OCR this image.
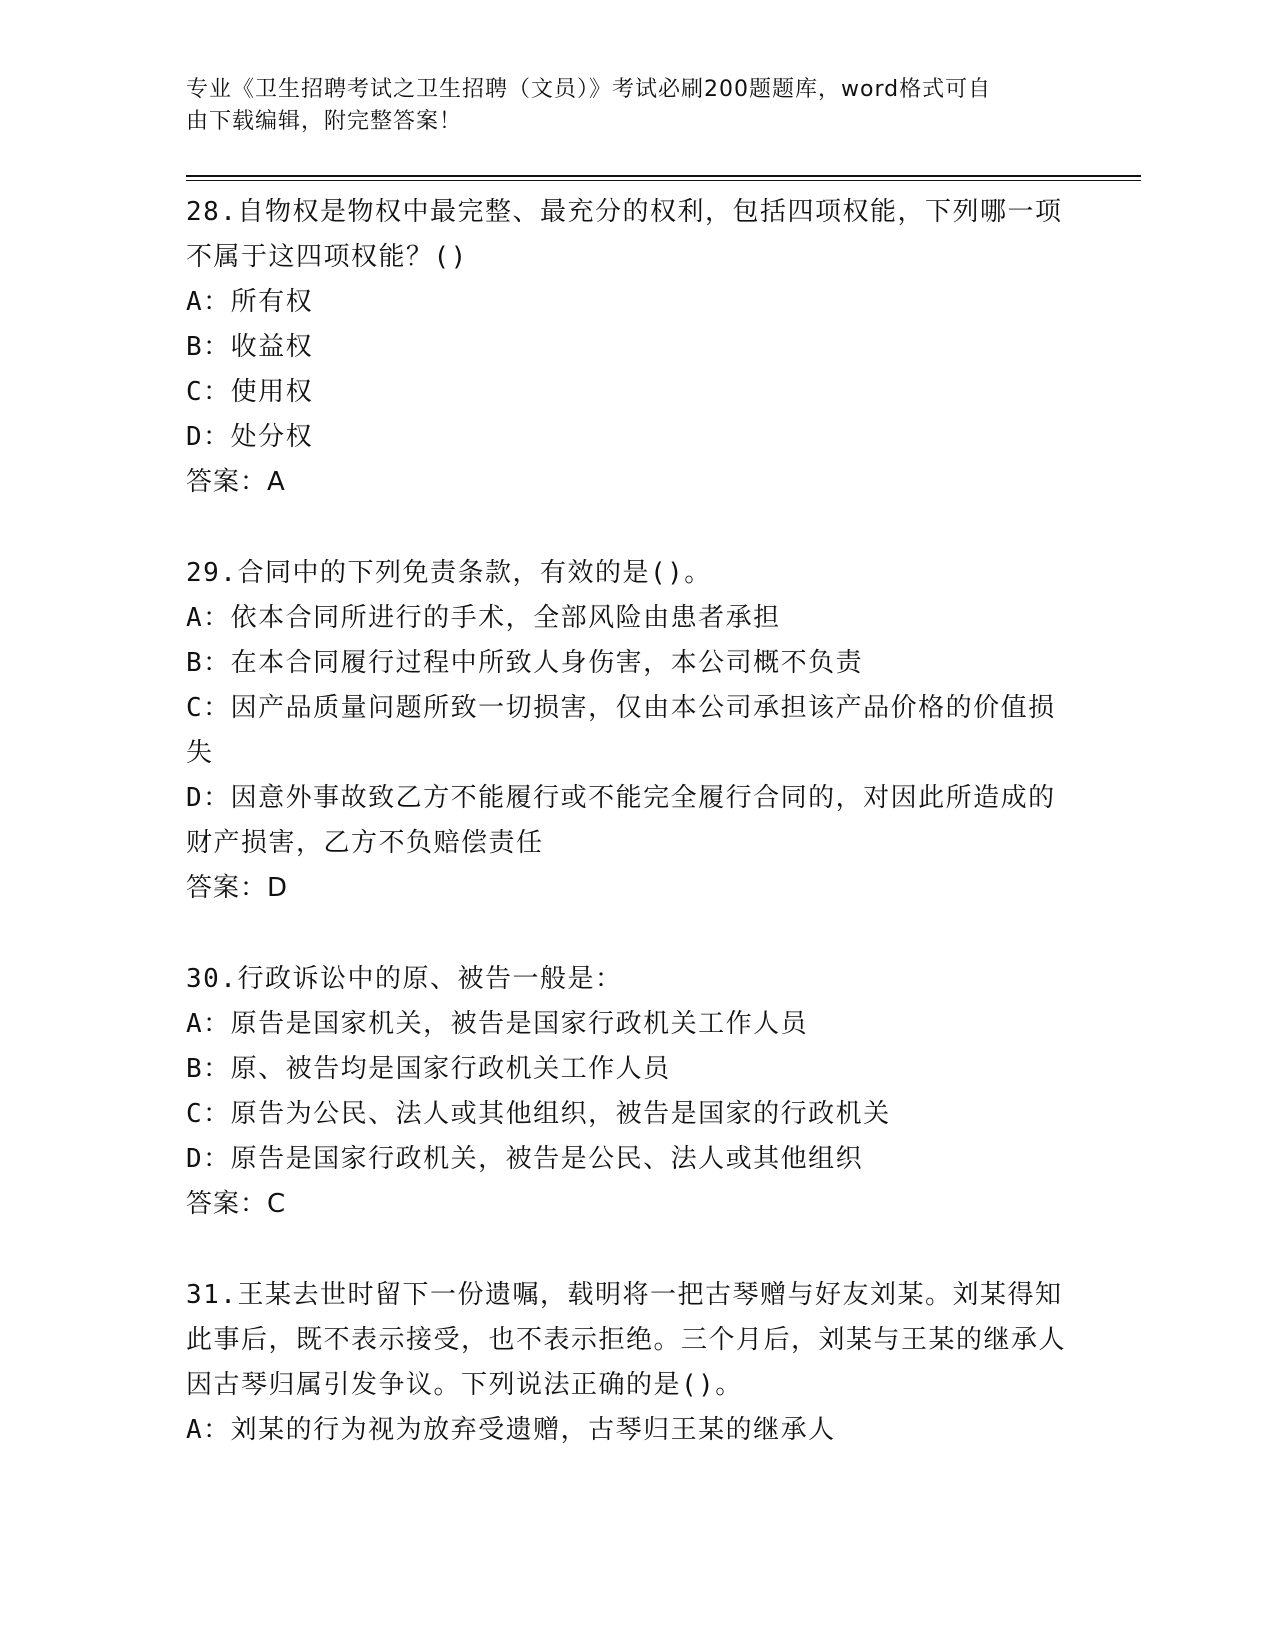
专业《卫生招聘考试之卫生招聘（文员）》考试必刷200题题库，word格式可自
由下载编辑，附完整答案！

28.自物权是物权中最完整、最充分的权利，包括四项权能，下列哪一项不属于这四项权能？()

A：所有权

B：收益权

C：使用权

D：处分权

答案：A

29.合同中的下列免责条款，有效的是()。

A：依本合同所进行的手术，全部风险由患者承担

B：在本合同履行过程中所致人身伤害，本公司概不负责

C：因产品质量问题所致一切损害，仅由本公司承担该产品价格的价值损失

D：因意外事故致乙方不能履行或不能完全履行合同的，对因此所造成的财产损害，乙方不负赔偿责任

答案：D

30.行政诉讼中的原、被告一般是：

A：原告是国家机关，被告是国家行政机关工作人员

B：原、被告均是国家行政机关工作人员

C：原告为公民、法人或其他组织，被告是国家的行政机关

D：原告是国家行政机关，被告是公民、法人或其他组织

答案：C

31.王某去世时留下一份遗嘱，载明将一把古琴赠与好友刘某。刘某得知此事后，既不表示接受，也不表示拒绝。三个月后，刘某与王某的继承人因古琴归属引发争议。下列说法正确的是()。

A：刘某的行为视为放弃受遗赠，古琴归王某的继承人
